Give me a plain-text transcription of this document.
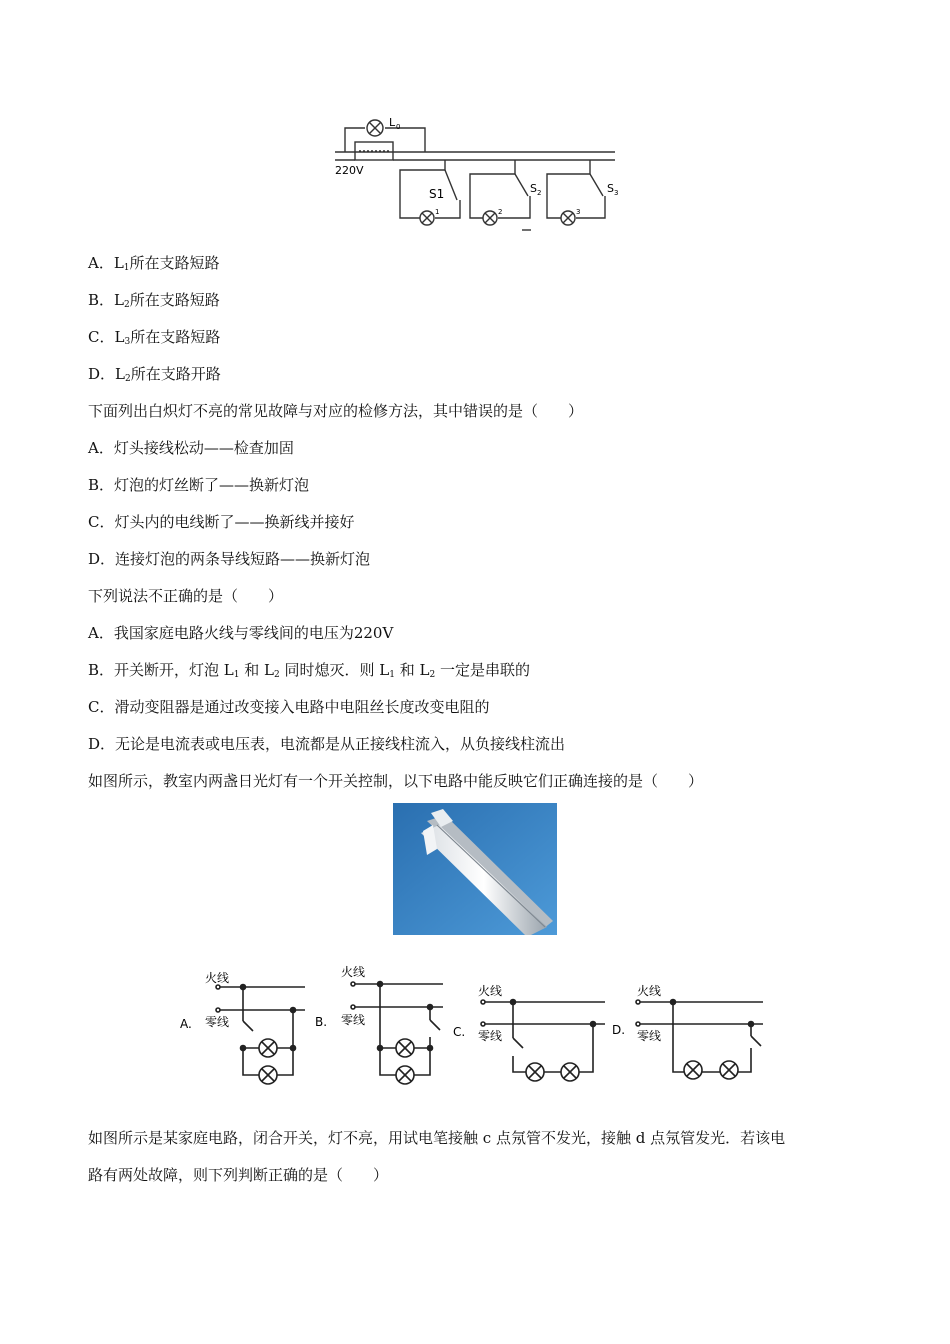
L 0
220V
S1	S 2	S 3
1	2	3
A．$L_1$所在支路短路
B．$L_2$所在支路短路
C．$L_3$所在支路短路
D．$L_2$所在支路开路
下面列出白炽灯不亮的常见故障与对应的检修方法，其中错误的是（　　）
A．灯头接线松动——检查加固
B．灯泡的灯丝断了——换新灯泡
C．灯头内的电线断了——换新线并接好
D．连接灯泡的两条导线短路——换新灯泡
下列说法不正确的是（　　）
A．我国家庭电路火线与零线间的电压为220V
B．开关断开，灯泡 $L_1$ 和 $L_2$ 同时熄灭．则 $L_1$ 和 $L_2$ 一定是串联的
C．滑动变阻器是通过改变接入电路中电阻丝长度改变电阻的
D．无论是电流表或电压表，电流都是从正接线柱流入，从负接线柱流出
如图所示，教室内两盏日光灯有一个开关控制，以下电路中能反映它们正确连接的是（　　）
火线
零线
A.
火线
零线
B.
火线
零线
C.
火线
零线
D.
如图所示是某家庭电路，闭合开关，灯不亮，用试电笔接触 c 点氖管不发光，接触 d 点氖管发光．若该电
路有两处故障，则下列判断正确的是（　　）
